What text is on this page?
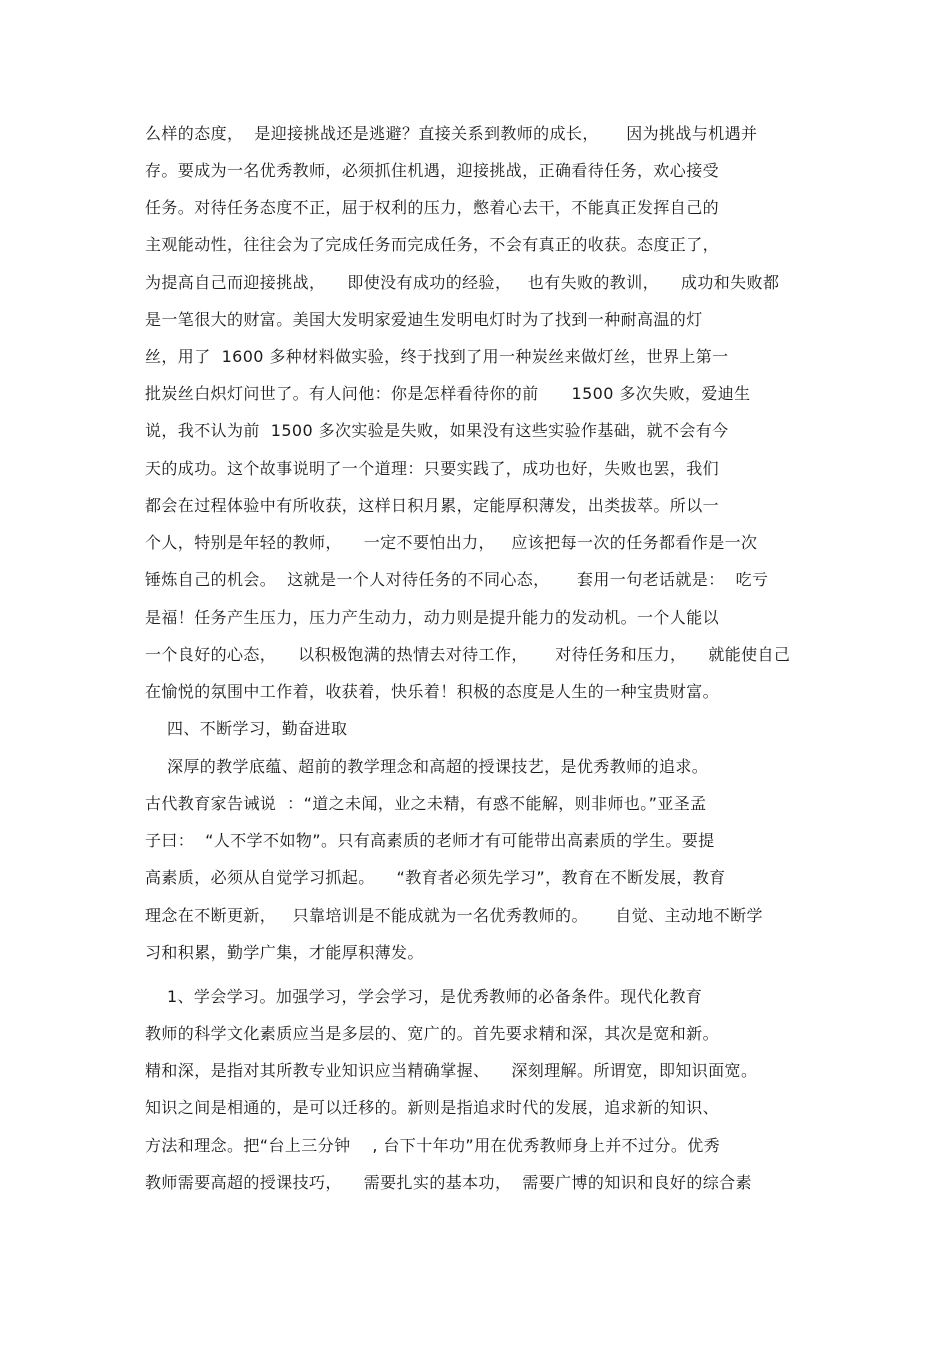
么样的态度，  是迎接挑战还是逃避？直接关系到教师的成长，     因为挑战与机遇并
存。要成为一名优秀教师，必须抓住机遇，迎接挑战，正确看待任务，欢心接受
任务。对待任务态度不正，屈于权利的压力，憋着心去干，不能真正发挥自己的
主观能动性，往往会为了完成任务而完成任务，不会有真正的收获。态度正了，
为提高自己而迎接挑战，    即使没有成功的经验，   也有失败的教训，    成功和失败都
是一笔很大的财富。美国大发明家爱迪生发明电灯时为了找到一种耐高温的灯
丝，用了  1600 多种材料做实验，终于找到了用一种炭丝来做灯丝，世界上第一
批炭丝白炽灯问世了。有人问他：你是怎样看待你的前      1500 多次失败，爱迪生
说，我不认为前  1500 多次实验是失败，如果没有这些实验作基础，就不会有今
天的成功。这个故事说明了一个道理：只要实践了，成功也好，失败也罢，我们
都会在过程体验中有所收获，这样日积月累，定能厚积薄发，出类拔萃。所以一
个人，特别是年轻的教师，    一定不要怕出力，   应该把每一次的任务都看作是一次
锤炼自己的机会。  这就是一个人对待任务的不同心态，     套用一句老话就是：  吃亏
是福！任务产生压力，压力产生动力，动力则是提升能力的发动机。一个人能以
一个良好的心态，    以积极饱满的热情去对待工作，     对待任务和压力，    就能使自己
在愉悦的氛围中工作着，收获着，快乐着！积极的态度是人生的一种宝贵财富。
四、不断学习，勤奋进取
深厚的教学底蕴、超前的教学理念和高超的授课技艺，是优秀教师的追求。
古代教育家告诫说  ：“道之未闻，业之未精，有惑不能解，则非师也。”亚圣孟
子曰：  “人不学不如物”。只有高素质的老师才有可能带出高素质的学生。要提
高素质，必须从自觉学习抓起。    “教育者必须先学习”，教育在不断发展，教育
理念在不断更新，   只靠培训是不能成就为一名优秀教师的。     自觉、主动地不断学
习和积累，勤学广集，才能厚积薄发。
1、学会学习。加强学习，学会学习，是优秀教师的必备条件。现代化教育
教师的科学文化素质应当是多层的、宽广的。首先要求精和深，其次是宽和新。
精和深，是指对其所教专业知识应当精确掌握、    深刻理解。所谓宽，即知识面宽。
知识之间是相通的，是可以迁移的。新则是指追求时代的发展，追求新的知识、
方法和理念。把“台上三分钟    , 台下十年功”用在优秀教师身上并不过分。优秀
教师需要高超的授课技巧，    需要扎实的基本功，  需要广博的知识和良好的综合素
